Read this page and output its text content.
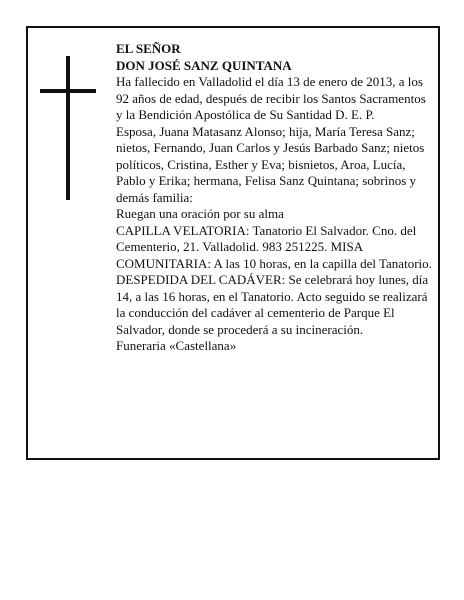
EL SEÑOR

DON JOSÉ SANZ QUINTANA

Ha fallecido en Valladolid el día 13 de enero de 2013, a los 92 años de edad, después de recibir los Santos Sacramentos y la Bendición Apostólica de Su Santidad D. E. P.

Esposa, Juana Matasanz Alonso; hija, María Teresa Sanz; nietos, Fernando, Juan Carlos y Jesús Barbado Sanz; nietos políticos, Cristina, Esther y Eva; bisnietos, Aroa, Lucía, Pablo y Erika; hermana, Felisa Sanz Quintana; sobrinos y demás familia:

Ruegan una oración por su alma

CAPILLA VELATORIA: Tanatorio El Salvador. Cno. del Cementerio, 21. Valladolid. 983 251225. MISA COMUNITARIA: A las 10 horas, en la capilla del Tanatorio.

DESPEDIDA DEL CADÁVER: Se celebrará hoy lunes, día 14, a las 16 horas, en el Tanatorio. Acto seguido se realizará la conducción del cadáver al cementerio de Parque El Salvador, donde se procederá a su incineración.

Funeraria «Castellana»
